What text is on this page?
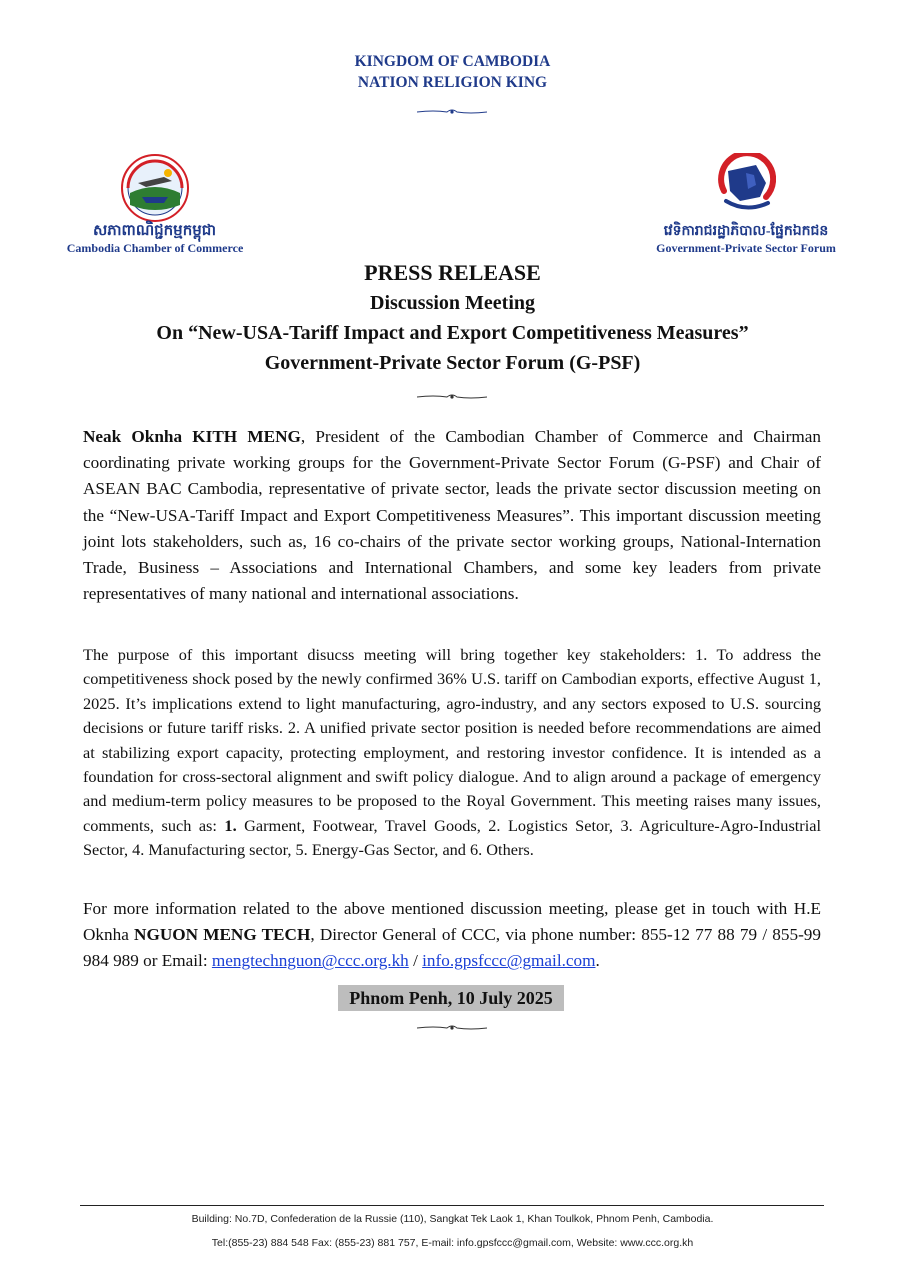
KINGDOM OF CAMBODIA
NATION RELIGION KING
សភាពាណិជ្ជកម្មកម្ពុជា
Cambodia Chamber of Commerce
វេទិការាជរដ្ឋាភិបាល-ផ្នែកឯកជន
Government-Private Sector Forum
PRESS RELEASE
Discussion Meeting
On “New-USA-Tariff Impact and Export Competitiveness Measures”
Government-Private Sector Forum (G-PSF)

Neak Oknha KITH MENG, President of the Cambodian Chamber of Commerce and Chairman coordinating private working groups for the Government-Private Sector Forum (G-PSF) and Chair of ASEAN BAC Cambodia, representative of private sector, leads the private sector discussion meeting on the “New-USA-Tariff Impact and Export Competitiveness Measures”. This important discussion meeting joint lots stakeholders, such as, 16 co-chairs of the private sector working groups, National-Internation Trade, Business – Associations and International Chambers, and some key leaders from private representatives of many national and international associations.

The purpose of this important disucss meeting will bring together key stakeholders: 1. To address the competitiveness shock posed by the newly confirmed 36% U.S. tariff on Cambodian exports, effective August 1, 2025. It’s implications extend to light manufacturing, agro-industry, and any sectors exposed to U.S. sourcing decisions or future tariff risks. 2. A unified private sector position is needed before recommendations are aimed at stabilizing export capacity, protecting employment, and restoring investor confidence. It is intended as a foundation for cross-sectoral alignment and swift policy dialogue. And to align around a package of emergency and medium-term policy measures to be proposed to the Royal Government. This meeting raises many issues, comments, such as: 1. Garment, Footwear, Travel Goods, 2. Logistics Setor, 3. Agriculture-Agro-Industrial Sector, 4. Manufacturing sector, 5. Energy-Gas Sector, and 6. Others.

For more information related to the above mentioned discussion meeting, please get in touch with H.E Oknha NGUON MENG TECH, Director General of CCC, via phone number: 855-12 77 88 79 / 855-99 984 989 or Email: mengtechnguon@ccc.org.kh / info.gpsfccc@gmail.com.

Phnom Penh, 10 July 2025
Building: No.7D, Confederation de la Russie (110), Sangkat Tek Laok 1, Khan Toulkok, Phnom Penh, Cambodia.
Tel:(855-23) 884 548 Fax: (855-23) 881 757, E-mail: info.gpsfccc@gmail.com, Website: www.ccc.org.kh
